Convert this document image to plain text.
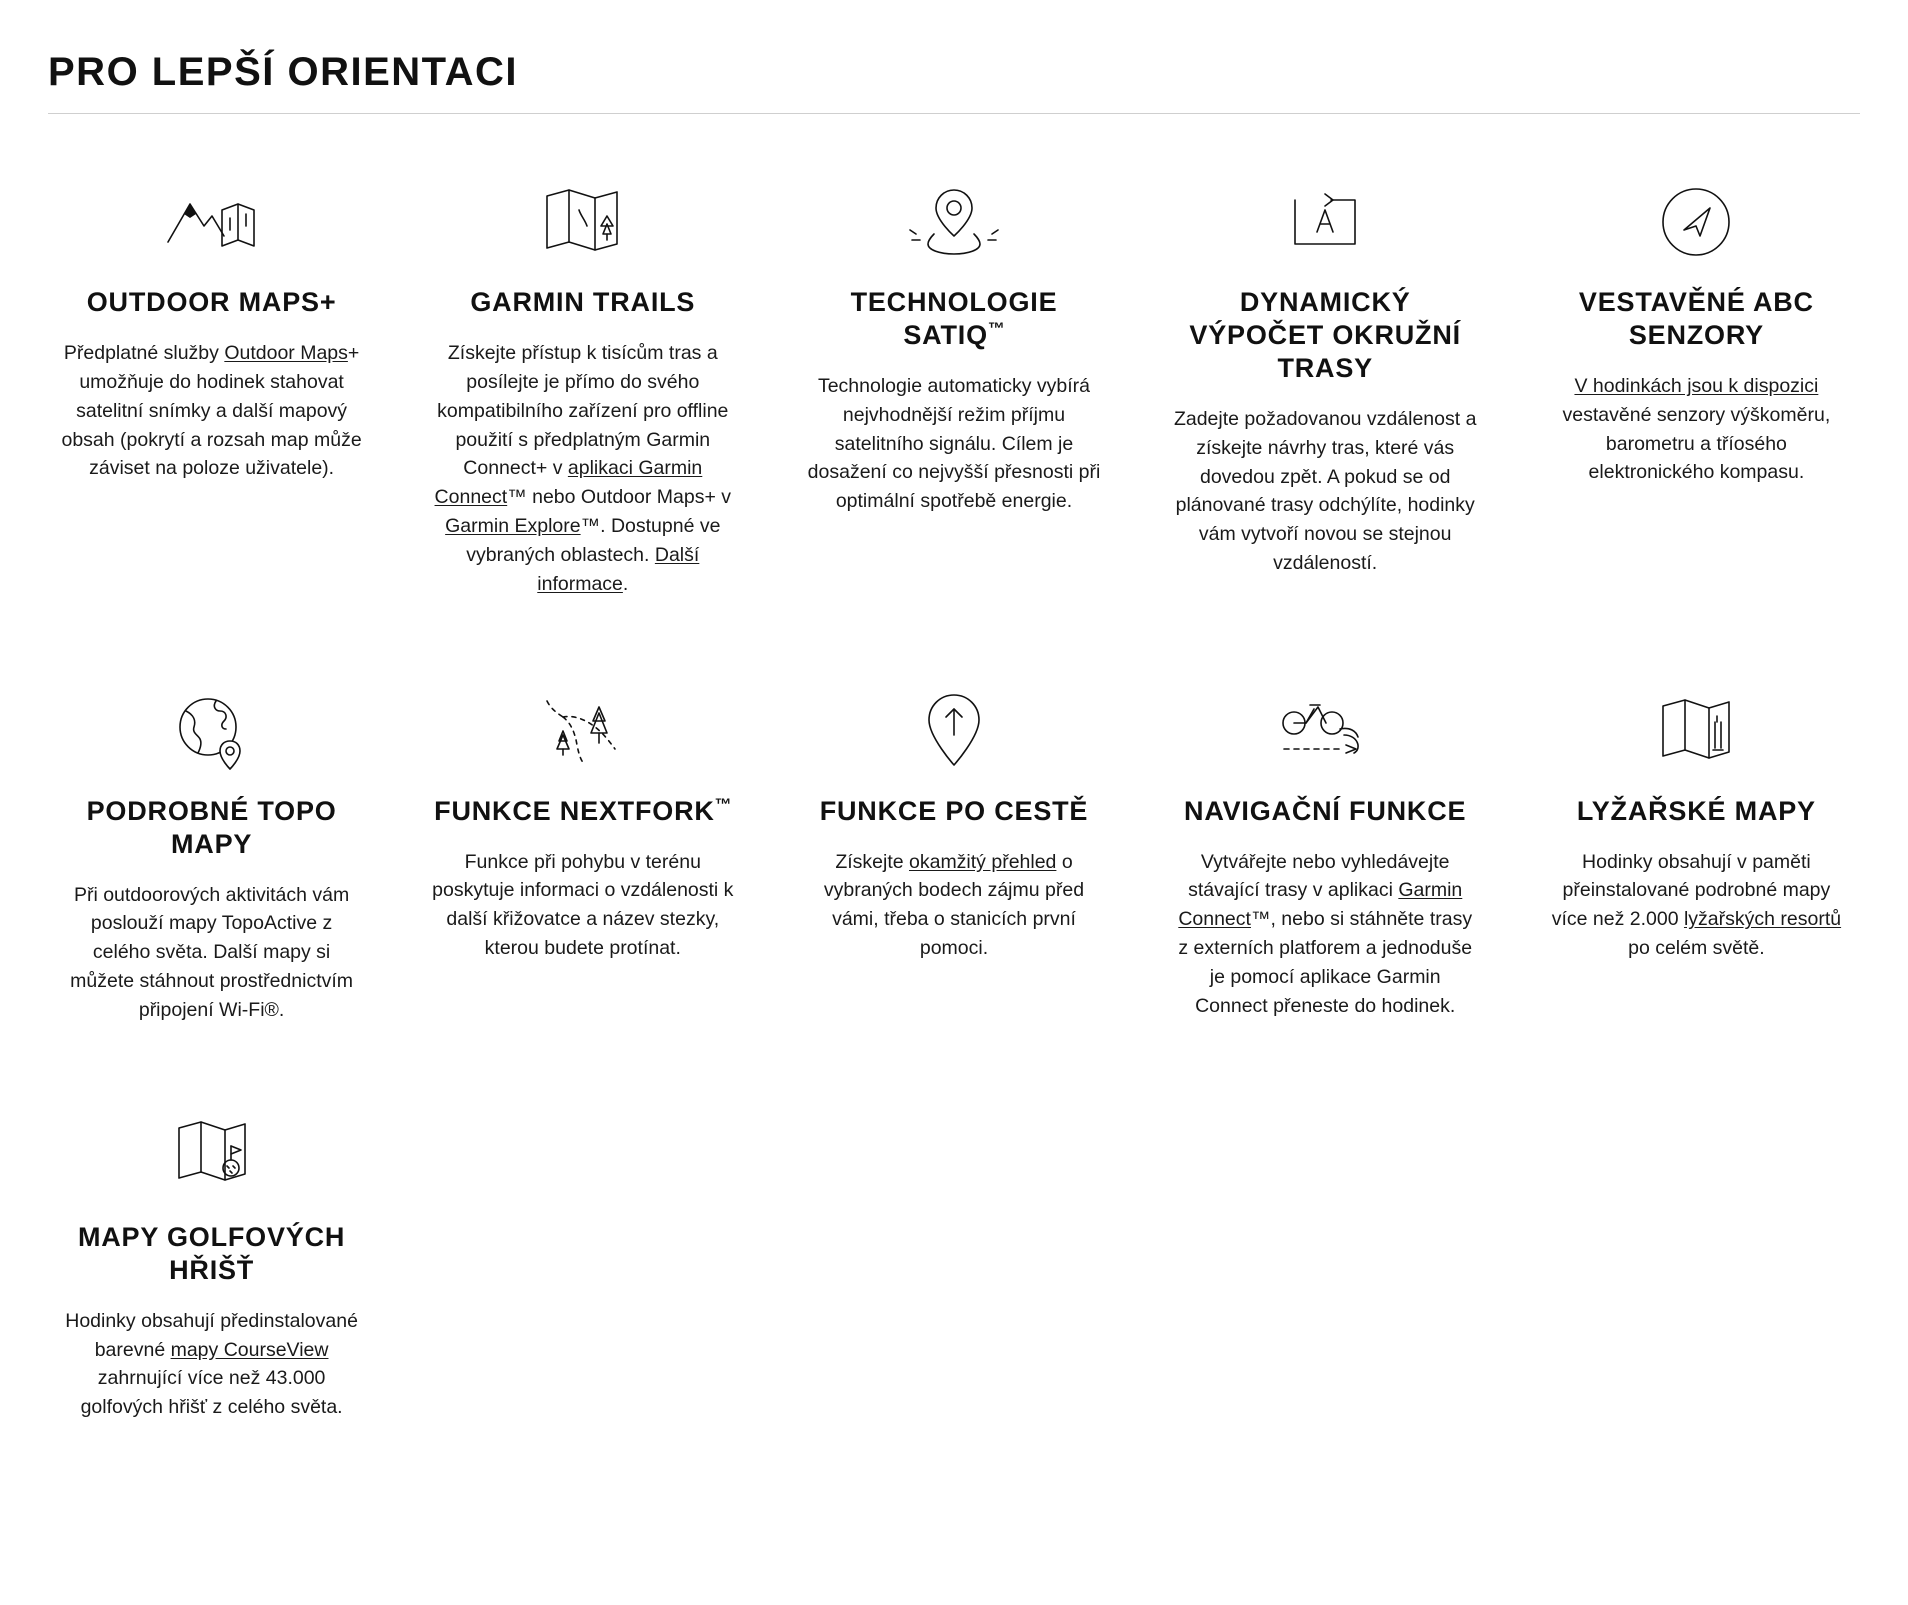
PRO LEPŠÍ ORIENTACI
OUTDOOR MAPS+

Předplatné služby Outdoor Maps+ umožňuje do hodinek stahovat satelitní snímky a další mapový obsah (pokrytí a rozsah map může záviset na poloze uživatele).

GARMIN TRAILS

Získejte přístup k tisícům tras a posílejte je přímo do svého kompatibilního zařízení pro offline použití s předplatným Garmin Connect+ v aplikaci Garmin Connect™ nebo Outdoor Maps+ v Garmin Explore™. Dostupné ve vybraných oblastech. Další informace.

TECHNOLOGIE SATIQ™

Technologie automaticky vybírá nejvhodnější režim příjmu satelitního signálu. Cílem je dosažení co nejvyšší přesnosti při optimální spotřebě energie.

DYNAMICKÝ VÝPOČET OKRUŽNÍ TRASY

Zadejte požadovanou vzdálenost a získejte návrhy tras, které vás dovedou zpět. A pokud se od plánované trasy odchýlíte, hodinky vám vytvoří novou se stejnou vzdáleností.

VESTAVĚNÉ ABC SENZORY

V hodinkách jsou k dispozici vestavěné senzory výškoměru, barometru a tříosého elektronického kompasu.

PODROBNÉ TOPO MAPY

Při outdoorových aktivitách vám poslouží mapy TopoActive z celého světa. Další mapy si můžete stáhnout prostřednictvím připojení Wi-Fi®.

FUNKCE NEXTFORK™

Funkce při pohybu v terénu poskytuje informaci o vzdálenosti k další křižovatce a název stezky, kterou budete protínat.

FUNKCE PO CESTĚ

Získejte okamžitý přehled o vybraných bodech zájmu před vámi, třeba o stanicích první pomoci.

NAVIGAČNÍ FUNKCE

Vytvářejte nebo vyhledávejte stávající trasy v aplikaci Garmin Connect™, nebo si stáhněte trasy z externích platforem a jednoduše je pomocí aplikace Garmin Connect přeneste do hodinek.

LYŽAŘSKÉ MAPY

Hodinky obsahují v paměti přeinstalované podrobné mapy více než 2.000 lyžařských resortů po celém světě.

MAPY GOLFOVÝCH HŘIŠŤ

Hodinky obsahují předinstalované barevné mapy CourseView zahrnující více než 43.000 golfových hřišť z celého světa.
